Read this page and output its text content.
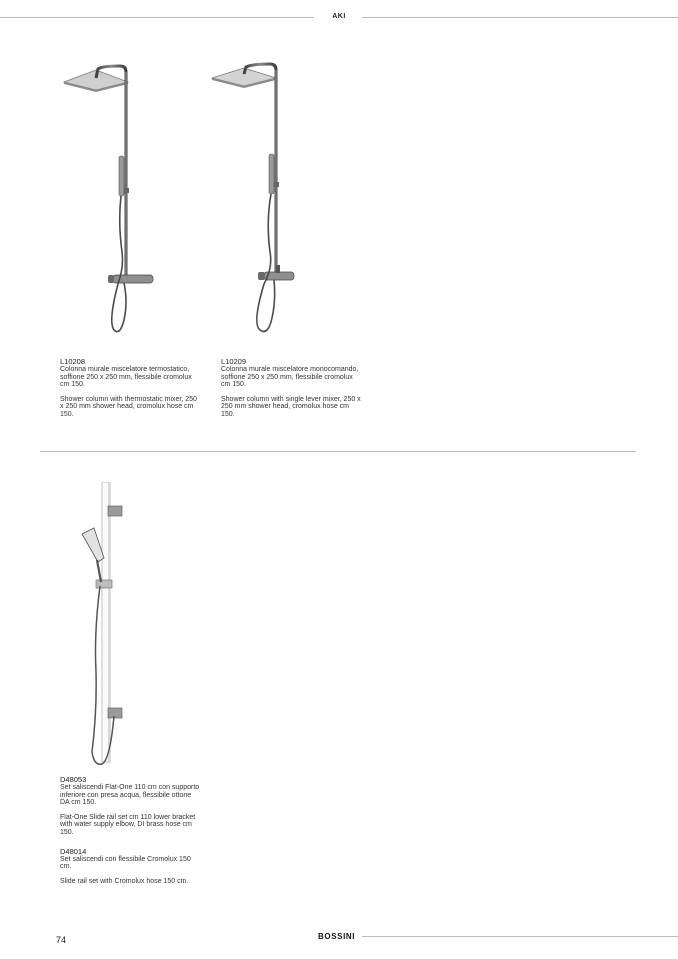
AKI
L10208

Colonna murale miscelatore termostatico, soffione 250 x 250 mm, flessibile cromolux cm 150.

Shower column with thermostatic mixer, 250 x 250 mm shower head, cromolux hose cm 150.

L10209

Colonna murale miscelatore monocomando, soffione 250 x 250 mm, flessibile cromolux cm 150.

Shower column with single lever mixer, 250 x 250 mm shower head, cromolux hose cm 150.

D48053

Set saliscendi Flat-One 110 cm con supporto inferiore con presa acqua, flessibile ottone DA cm 150.

Flat-One Slide rail set cm 110 lower bracket with water supply elbow, DI brass hose cm 150.

D48014

Set saliscendi con flessibile Cromolux 150 cm.

Slide rail set with Cromolux hose 150 cm.

74	BOSSINI
